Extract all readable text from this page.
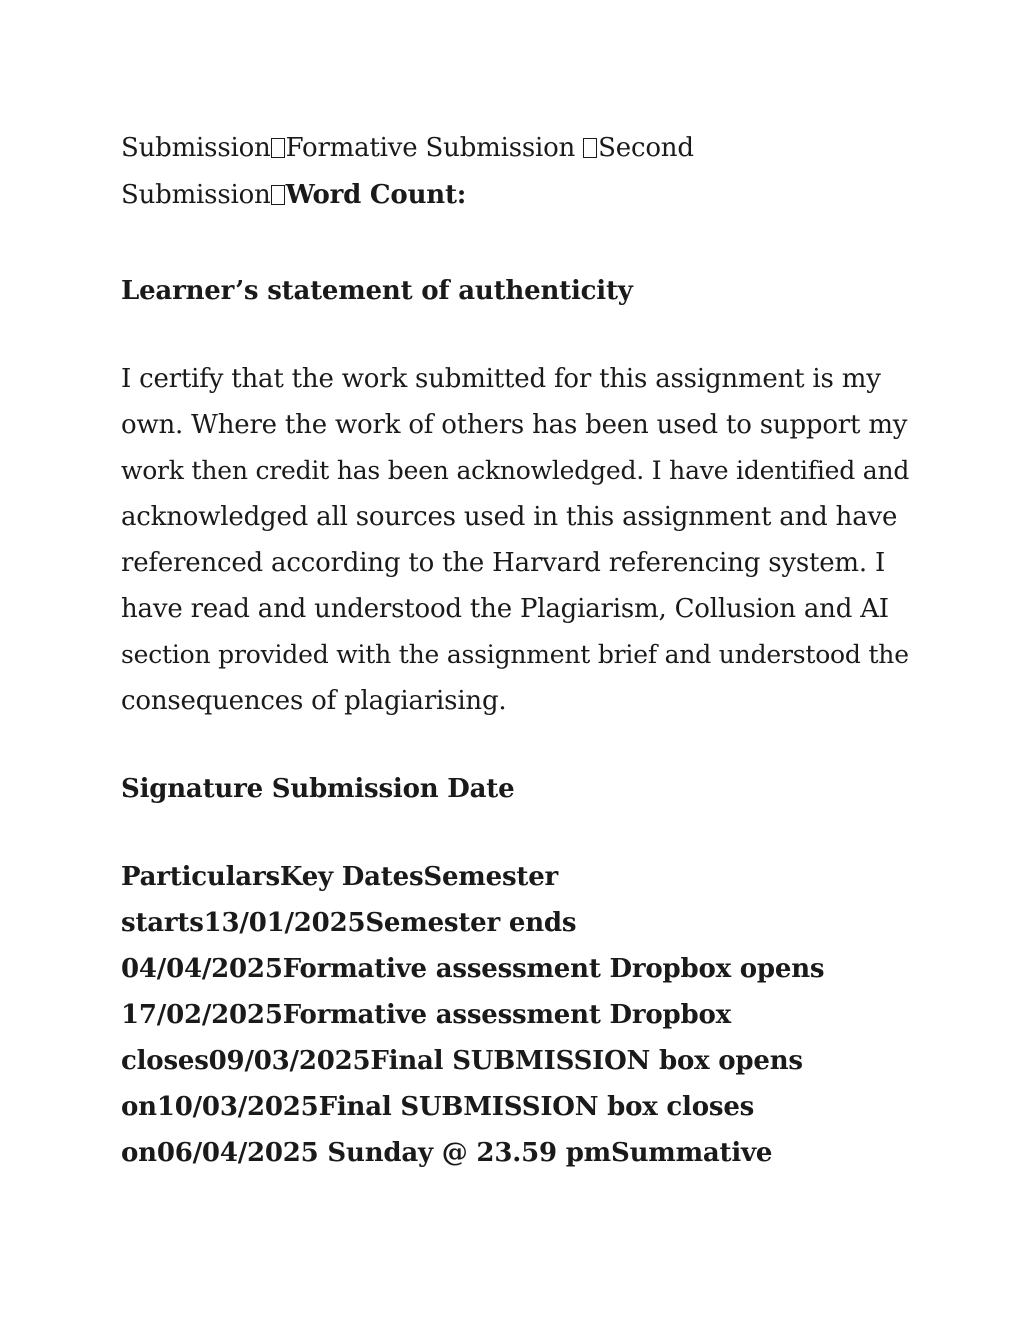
Submission Formative Submission Second
Submission Word Count:
Learner’s statement of authenticity
I certify that the work submitted for this assignment is my
own. Where the work of others has been used to support my
work then credit has been acknowledged. I have identified and
acknowledged all sources used in this assignment and have
referenced according to the Harvard referencing system. I
have read and understood the Plagiarism, Collusion and AI
section provided with the assignment brief and understood the
consequences of plagiarising.
Signature Submission Date
ParticularsKey DatesSemester
starts13/01/2025Semester ends
04/04/2025Formative assessment Dropbox opens
17/02/2025Formative assessment Dropbox
closes09/03/2025Final SUBMISSION box opens
on10/03/2025Final SUBMISSION box closes
on06/04/2025 Sunday @ 23.59 pmSummative
